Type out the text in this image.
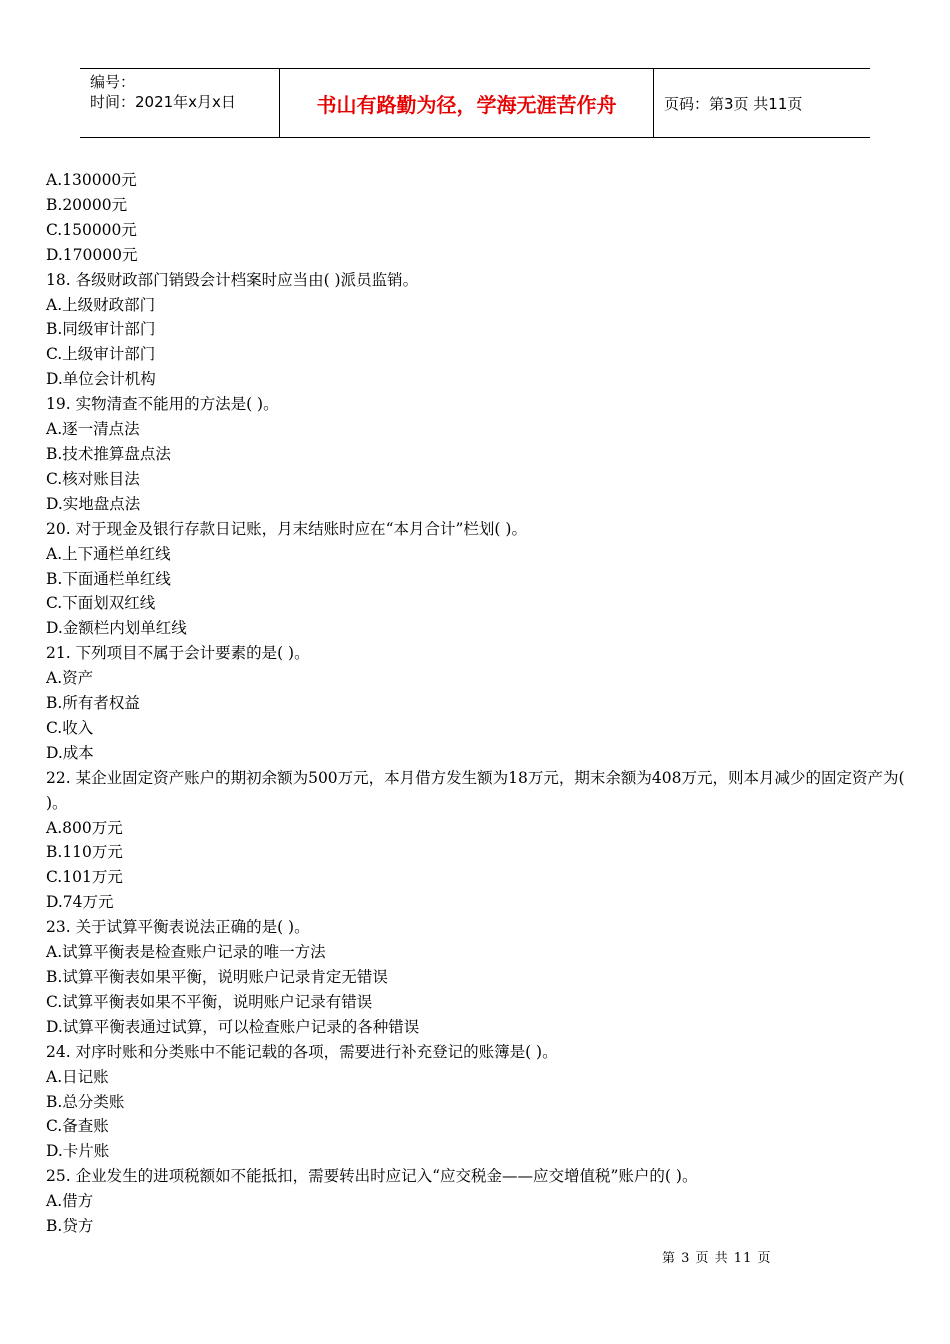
编号：
时间：2021年x月x日	书山有路勤为径，学海无涯苦作舟	页码：第3页 共11页
A.130000元
B.20000元
C.150000元
D.170000元
18. 各级财政部门销毁会计档案时应当由( )派员监销。
A.上级财政部门
B.同级审计部门
C.上级审计部门
D.单位会计机构
19. 实物清查不能用的方法是( )。
A.逐一清点法
B.技术推算盘点法
C.核对账目法
D.实地盘点法
20. 对于现金及银行存款日记账，月末结账时应在“本月合计”栏划( )。
A.上下通栏单红线
B.下面通栏单红线
C.下面划双红线
D.金额栏内划单红线
21. 下列项目不属于会计要素的是( )。
A.资产
B.所有者权益
C.收入
D.成本
22. 某企业固定资产账户的期初余额为500万元，本月借方发生额为18万元，期末余额为408万元，则本月减少的固定资产为( )。
A.800万元
B.110万元
C.101万元
D.74万元
23. 关于试算平衡表说法正确的是( )。
A.试算平衡表是检查账户记录的唯一方法
B.试算平衡表如果平衡，说明账户记录肯定无错误
C.试算平衡表如果不平衡，说明账户记录有错误
D.试算平衡表通过试算，可以检查账户记录的各种错误
24. 对序时账和分类账中不能记载的各项，需要进行补充登记的账簿是( )。
A.日记账
B.总分类账
C.备查账
D.卡片账
25. 企业发生的进项税额如不能抵扣，需要转出时应记入“应交税金——应交增值税”账户的( )。
A.借方
B.贷方
第 3 页 共 11 页
